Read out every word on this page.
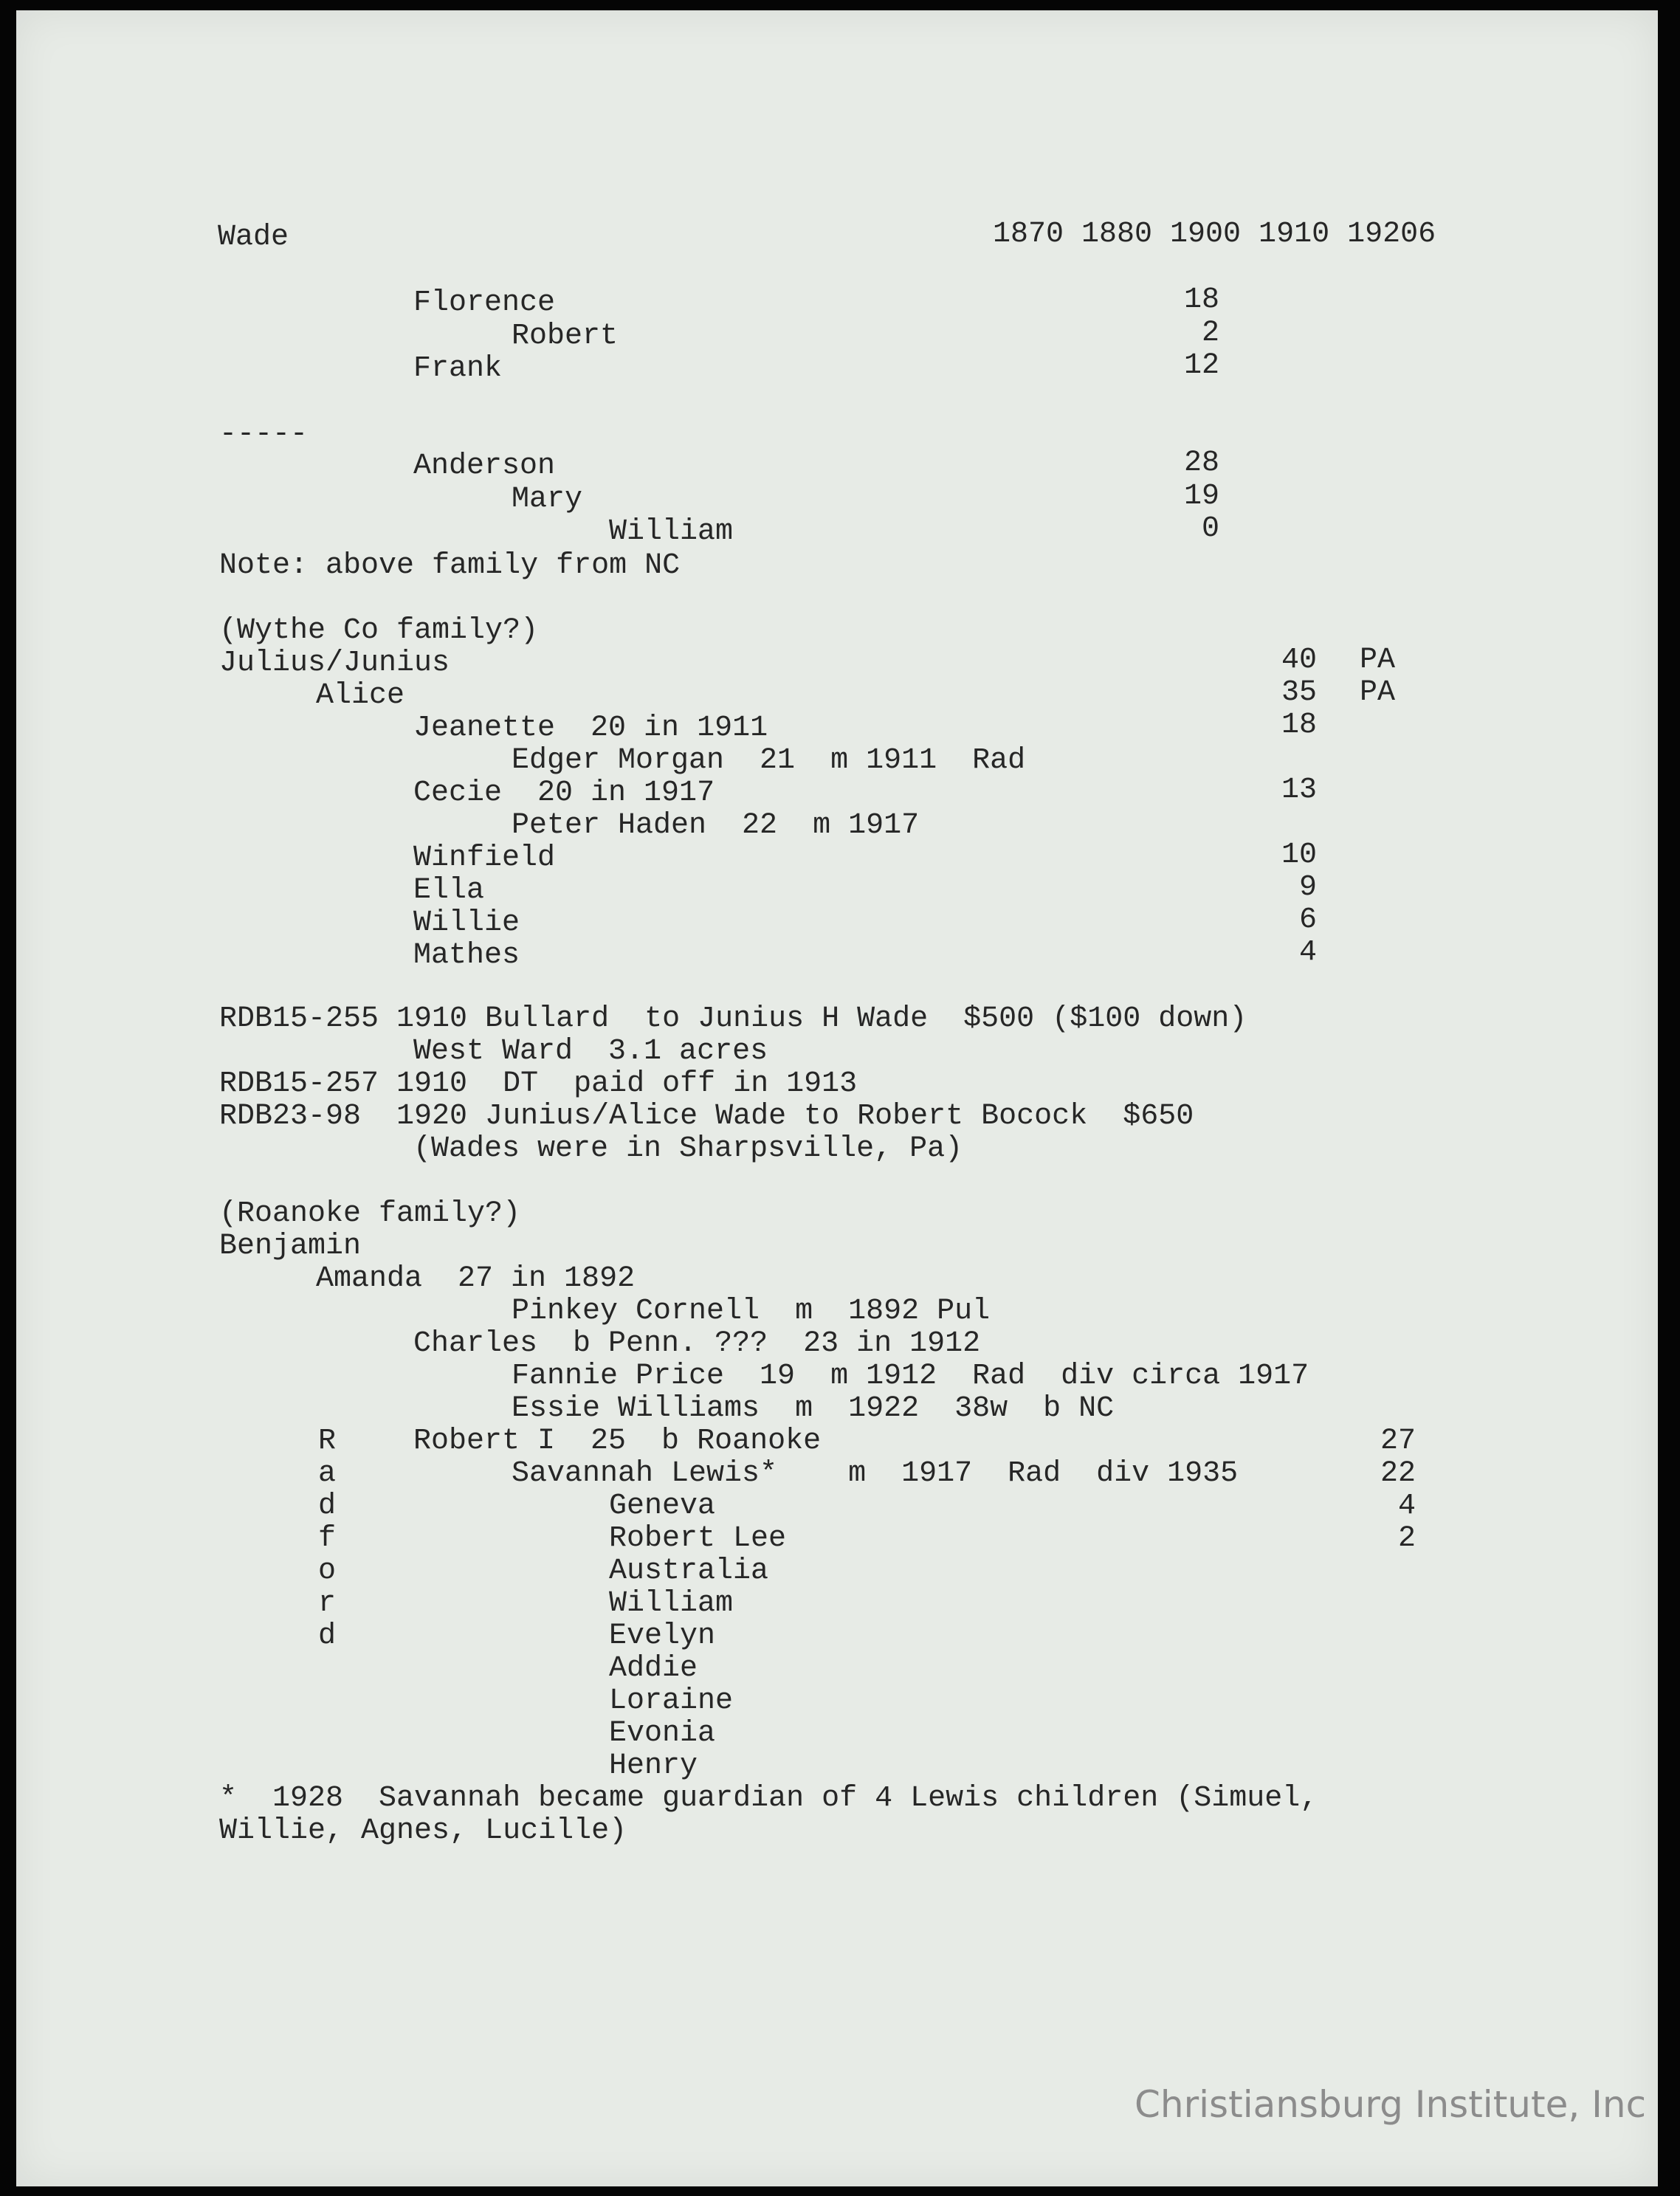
Wade	1870 1880 1900 1910 19206
Florence	18
Robert	2
Frank	12
-----
Anderson	28
Mary	19
William	0
Note: above family from NC
(Wythe Co family?)
Julius/Junius	40 PA
Alice	35 PA
Jeanette  20 in 1911	18
Edger Morgan  21  m 1911  Rad
Cecie  20 in 1917	13
Peter Haden  22  m 1917
Winfield	10
Ella	9
Willie	6
Mathes	4
RDB15-255 1910 Bullard  to Junius H Wade  $500 ($100 down)
West Ward  3.1 acres
RDB15-257 1910  DT  paid off in 1913
RDB23-98  1920 Junius/Alice Wade to Robert Bocock  $650
(Wades were in Sharpsville, Pa)
(Roanoke family?)
Benjamin
Amanda  27 in 1892
Pinkey Cornell  m  1892 Pul
Charles  b Penn. ???  23 in 1912
Fannie Price  19  m 1912  Rad  div circa 1917
Essie Williams  m  1922  38w  b NC
Robert I  25  b Roanoke	27
Savannah Lewis*    m  1917  Rad  div 1935	22
Geneva	4
Robert Lee	2
Australia
William
Evelyn
Addie
Loraine
Evonia
Henry
R
a
d
f
o
r
d
*  1928  Savannah became guardian of 4 Lewis children (Simuel,
Willie, Agnes, Lucille)
Christiansburg Institute, Inc
